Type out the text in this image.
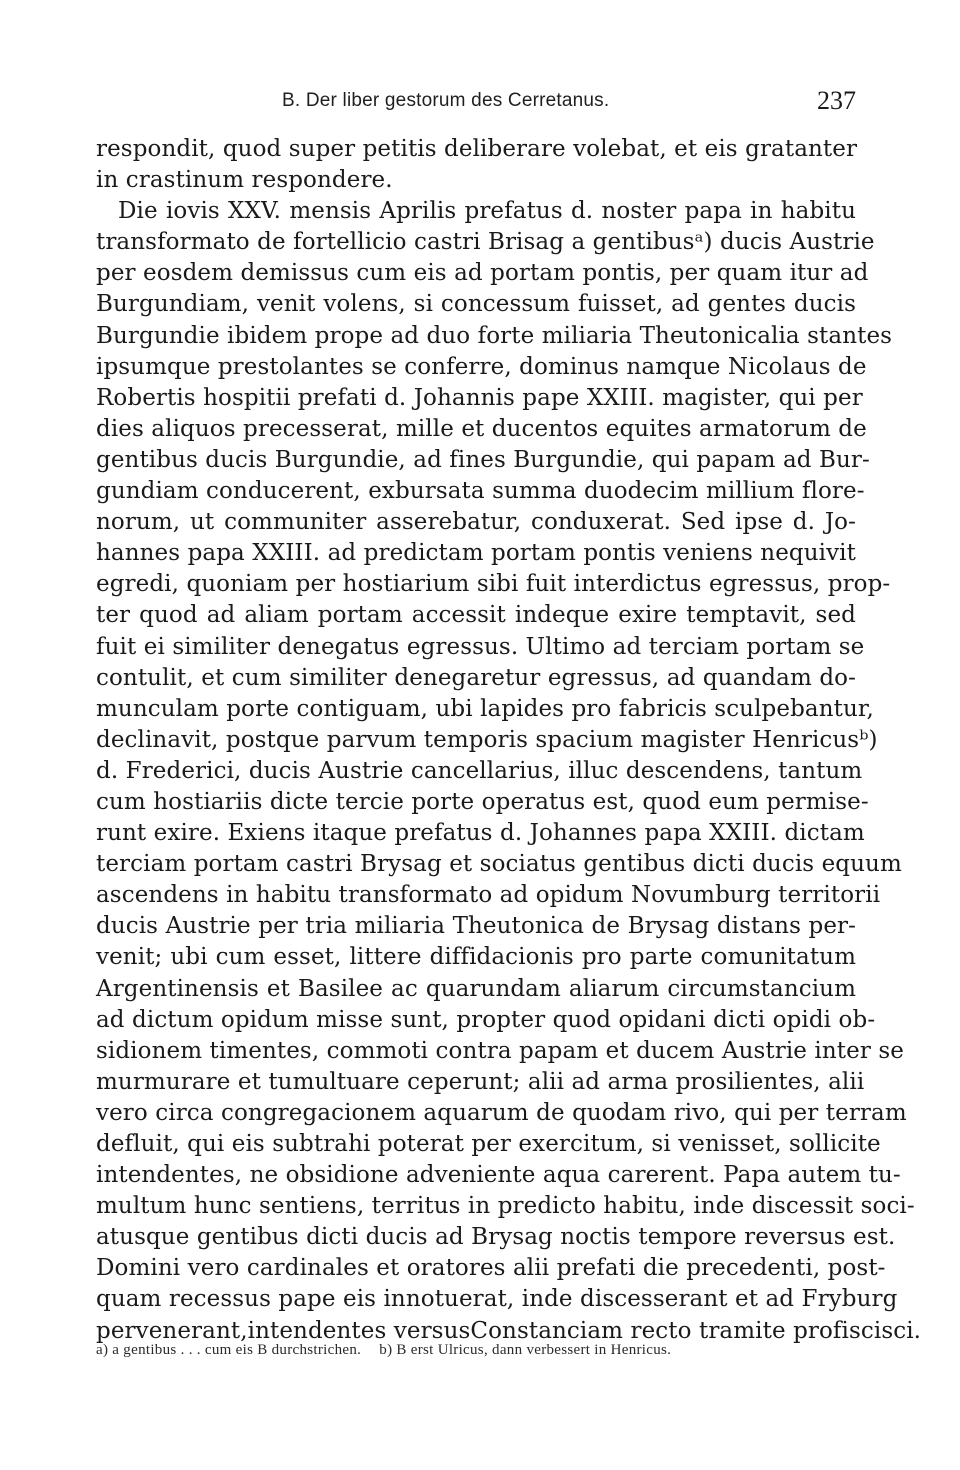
B. Der liber gestorum des Cerretanus.	237
respondit, quod super petitis deliberare volebat, et eis gratanter
in crastinum respondere.
Die iovis XXV. mensis Aprilis prefatus d. noster papa in habitu
transformato de fortellicio castri Brisag a gentibusᵃ) ducis Austrie
per eosdem demissus cum eis ad portam pontis, per quam itur ad
Burgundiam, venit volens, si concessum fuisset, ad gentes ducis
Burgundie ibidem prope ad duo forte miliaria Theutonicalia stantes
ipsumque prestolantes se conferre, dominus namque Nicolaus de
Robertis hospitii prefati d. Johannis pape XXIII. magister, qui per
dies aliquos precesserat, mille et ducentos equites armatorum de
gentibus ducis Burgundie, ad fines Burgundie, qui papam ad Bur-
gundiam conducerent, exbursata summa duodecim millium flore-
norum, ut communiter asserebatur, conduxerat. Sed ipse d. Jo-
hannes papa XXIII. ad predictam portam pontis veniens nequivit
egredi, quoniam per hostiarium sibi fuit interdictus egressus, prop-
ter quod ad aliam portam accessit indeque exire temptavit, sed
fuit ei similiter denegatus egressus. Ultimo ad terciam portam se
contulit, et cum similiter denegaretur egressus, ad quandam do-
munculam porte contiguam, ubi lapides pro fabricis sculpebantur,
declinavit, postque parvum temporis spacium magister Henricusᵇ)
d. Frederici, ducis Austrie cancellarius, illuc descendens, tantum
cum hostiariis dicte tercie porte operatus est, quod eum permise-
runt exire. Exiens itaque prefatus d. Johannes papa XXIII. dictam
terciam portam castri Brysag et sociatus gentibus dicti ducis equum
ascendens in habitu transformato ad opidum Novumburg territorii
ducis Austrie per tria miliaria Theutonica de Brysag distans per-
venit; ubi cum esset, littere diffidacionis pro parte comunitatum
Argentinensis et Basilee ac quarundam aliarum circumstancium
ad dictum opidum misse sunt, propter quod opidani dicti opidi ob-
sidionem timentes, commoti contra papam et ducem Austrie inter se
murmurare et tumultuare ceperunt; alii ad arma prosilientes, alii
vero circa congregacionem aquarum de quodam rivo, qui per terram
defluit, qui eis subtrahi poterat per exercitum, si venisset, sollicite
intendentes, ne obsidione adveniente aqua carerent. Papa autem tu-
multum hunc sentiens, territus in predicto habitu, inde discessit soci-
atusque gentibus dicti ducis ad Brysag noctis tempore reversus est.
Domini vero cardinales et oratores alii prefati die precedenti, post-
quam recessus pape eis innotuerat, inde discesserant et ad Fryburg
pervenerant,intendentes versusConstanciam recto tramite profiscisci.
a) a gentibus . . . cum eis B durchstrichen. b) B erst Ulricus, dann verbessert in Henricus.
